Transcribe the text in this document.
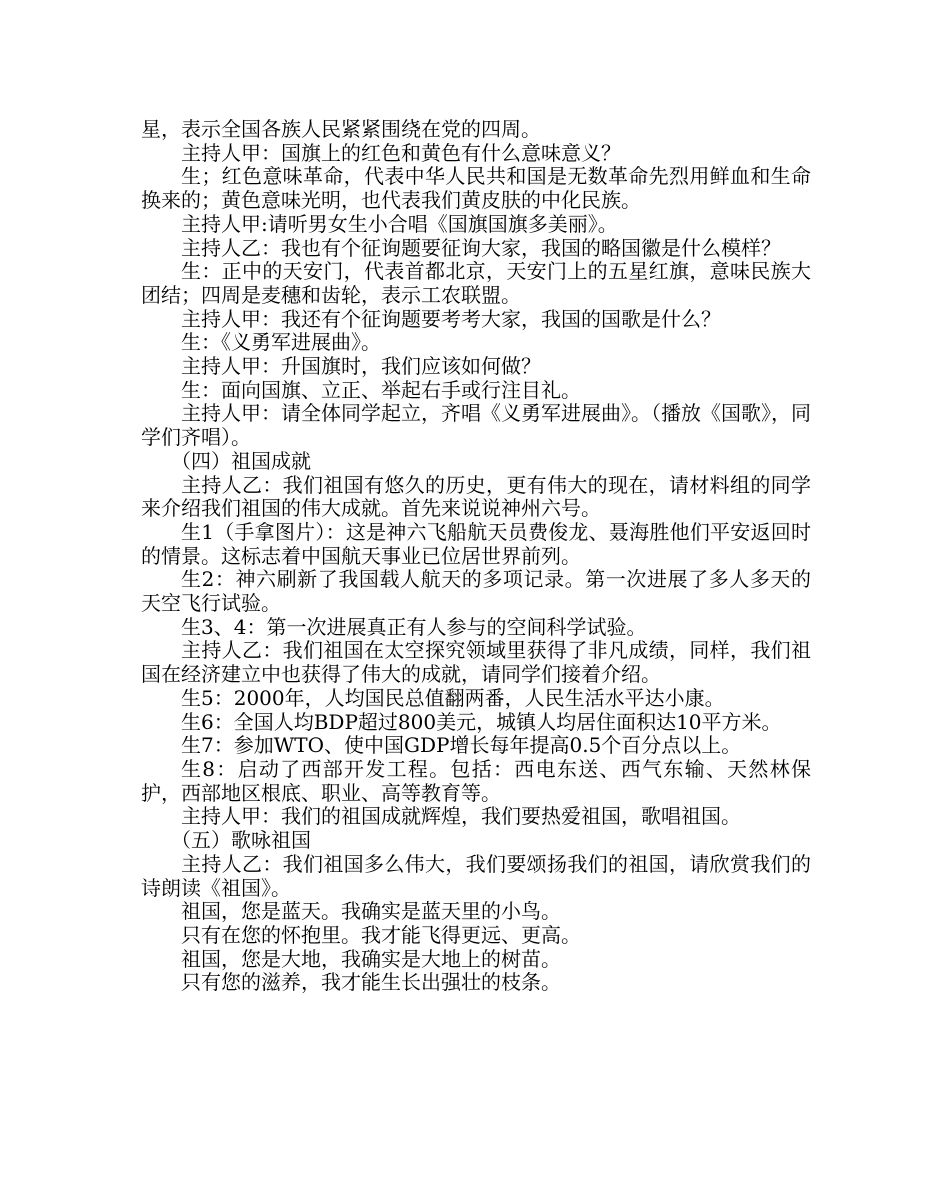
星，表示全国各族人民紧紧围绕在党的四周。

主持人甲：国旗上的红色和黄色有什么意味意义？

生；红色意味革命，代表中华人民共和国是无数革命先烈用鲜血和生命换来的；黄色意味光明，也代表我们黄皮肤的中化民族。

主持人甲:请听男女生小合唱《国旗国旗多美丽》。

主持人乙：我也有个征询题要征询大家，我国的略国徽是什么模样？

生：正中的天安门，代表首都北京，天安门上的五星红旗，意味民族大团结；四周是麦穗和齿轮，表示工农联盟。

主持人甲：我还有个征询题要考考大家，我国的国歌是什么？

生：《义勇军进展曲》。

主持人甲：升国旗时，我们应该如何做？

生：面向国旗、立正、举起右手或行注目礼。

主持人甲：请全体同学起立，齐唱《义勇军进展曲》。（播放《国歌》，同学们齐唱）。

（四）祖国成就

主持人乙：我们祖国有悠久的历史，更有伟大的现在，请材料组的同学来介绍我们祖国的伟大成就。首先来说说神州六号。

生1（手拿图片）：这是神六飞船航天员费俊龙、聂海胜他们平安返回时的情景。这标志着中国航天事业已位居世界前列。

生2：神六刷新了我国载人航天的多项记录。第一次进展了多人多天的天空飞行试验。

生3、4：第一次进展真正有人参与的空间科学试验。

主持人乙：我们祖国在太空探究领域里获得了非凡成绩，同样，我们祖国在经济建立中也获得了伟大的成就，请同学们接着介绍。

生5：2000年，人均国民总值翻两番，人民生活水平达小康。

生6：全国人均BDP超过800美元，城镇人均居住面积达10平方米。

生7：参加WTO、使中国GDP增长每年提高0.5个百分点以上。

生8：启动了西部开发工程。包括：西电东送、西气东输、天然林保护，西部地区根底、职业、高等教育等。

主持人甲：我们的祖国成就辉煌，我们要热爱祖国，歌唱祖国。

（五）歌咏祖国

主持人乙：我们祖国多么伟大，我们要颂扬我们的祖国，请欣赏我们的诗朗读《祖国》。

祖国，您是蓝天。我确实是蓝天里的小鸟。

只有在您的怀抱里。我才能飞得更远、更高。

祖国，您是大地，我确实是大地上的树苗。

只有您的滋养，我才能生长出强壮的枝条。
